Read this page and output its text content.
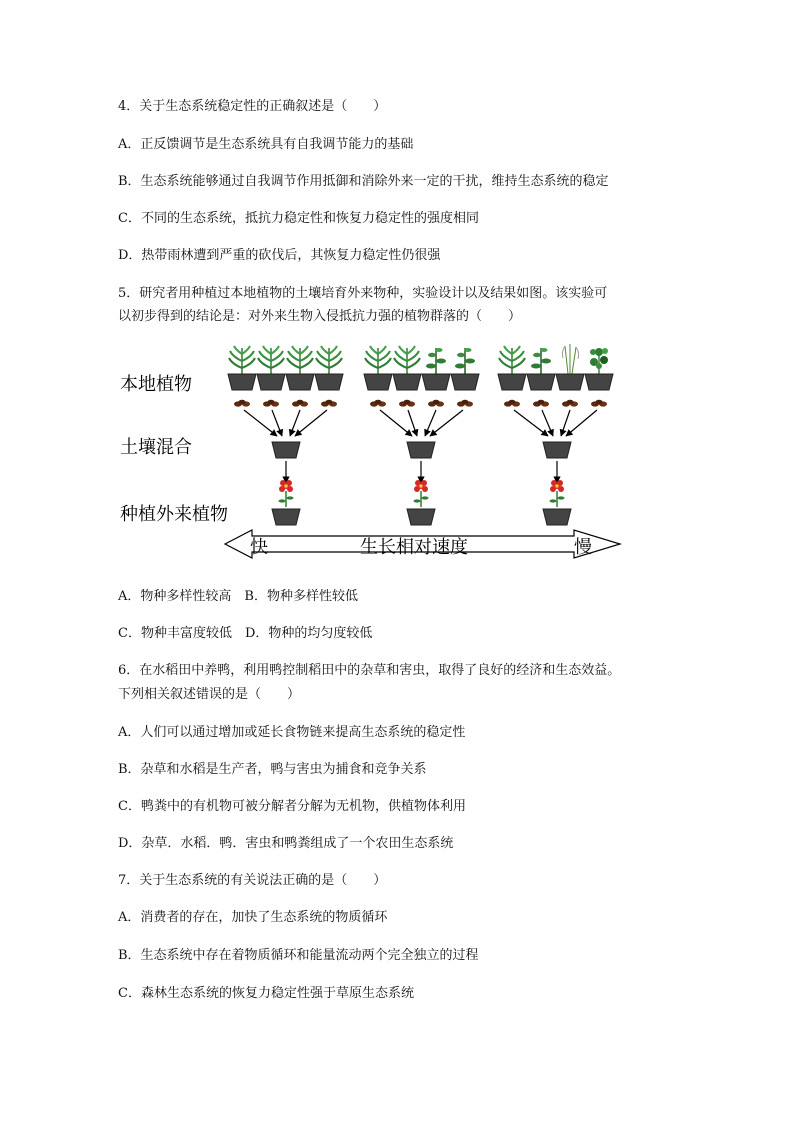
4．关于生态系统稳定性的正确叙述是（　　）
A．正反馈调节是生态系统具有自我调节能力的基础
B．生态系统能够通过自我调节作用抵御和消除外来一定的干扰，维持生态系统的稳定
C．不同的生态系统，抵抗力稳定性和恢复力稳定性的强度相同
D．热带雨林遭到严重的砍伐后，其恢复力稳定性仍很强
5．研究者用种植过本地植物的土壤培育外来物种，实验设计以及结果如图。该实验可
以初步得到的结论是：对外来生物入侵抵抗力强的植物群落的（　　）
本地植物
土壤混合
种植外来植物
快	生长相对速度	慢
A．物种多样性较高　B．物种多样性较低
C．物种丰富度较低　D．物种的均匀度较低
6．在水稻田中养鸭，利用鸭控制稻田中的杂草和害虫，取得了良好的经济和生态效益。
下列相关叙述错误的是（　　）
A．人们可以通过增加或延长食物链来提高生态系统的稳定性
B．杂草和水稻是生产者，鸭与害虫为捕食和竞争关系
C．鸭粪中的有机物可被分解者分解为无机物，供植物体利用
D．杂草．水稻．鸭．害虫和鸭粪组成了一个农田生态系统
7．关于生态系统的有关说法正确的是（　　）
A．消费者的存在，加快了生态系统的物质循环
B．生态系统中存在着物质循环和能量流动两个完全独立的过程
C．森林生态系统的恢复力稳定性强于草原生态系统
